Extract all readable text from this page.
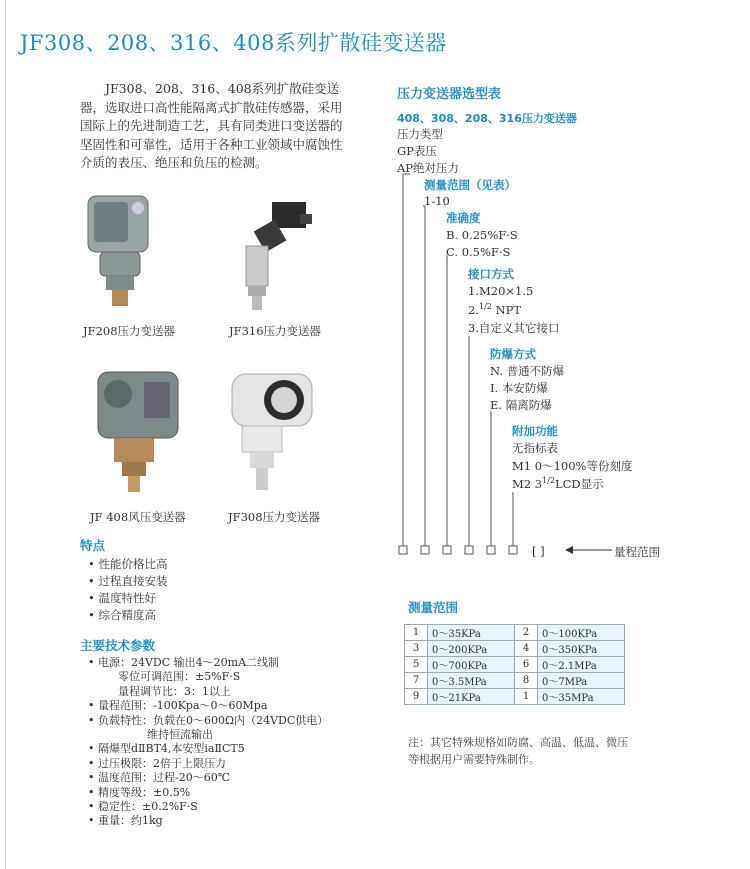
JF308、208、316、408系列扩散硅变送器
JF308、208、316、408系列扩散硅变送器，选取进口高性能隔离式扩散硅传感器，采用国际上的先进制造工艺，具有同类进口变送器的坚固性和可靠性，适用于各种工业领域中腐蚀性介质的表压、绝压和负压的检测。
JF208压力变送器	JF316压力变送器
JF 408风压变送器	JF308压力变送器
特点
• 性能价格比高
• 过程直接安装
• 温度特性好
• 综合精度高
主要技术参数
• 电源：24VDC 输出4～20mA二线制
零位可调范围：±5%F·S
量程调节比：3：1以上
• 量程范围：-100Kpa～0～60Mpa
• 负载特性：负载在0～600Ω内（24VDC供电）
维持恒流输出
• 隔爆型dⅡBT4,本安型iaⅡCT5
• 过压极限：2倍于上限压力
• 温度范围：过程-20～60℃
• 精度等级：±0.5%
• 稳定性：±0.2%F·S
• 重量：约1kg
压力变送器选型表
408、308、208、316压力变送器
压力类型
GP表压
AP绝对压力
测量范围（见表）
1-10
准确度
B. 0.25%F·S
C. 0.5%F·S
接口方式
1.M20×1.5
2.$^{1/2}$ NPT
3.自定义其它接口
防爆方式
N. 普通不防爆
I. 本安防爆
E. 隔离防爆
附加功能
无指标表
M1 0～100%等份刻度
M2 $3^{1/2}LCD$显示
[ ]	量程范围
测量范围
1	0～35KPa	2	0～100KPa
3	0～200KPa	4	0～350KPa
5	0～700KPa	6	0～2.1MPa
7	0～3.5MPa	8	0～7MPa
9	0～21KPa	1	0～35MPa
注：其它特殊规格如防腐、高温、低温、微压等根据用户需要特殊制作。
